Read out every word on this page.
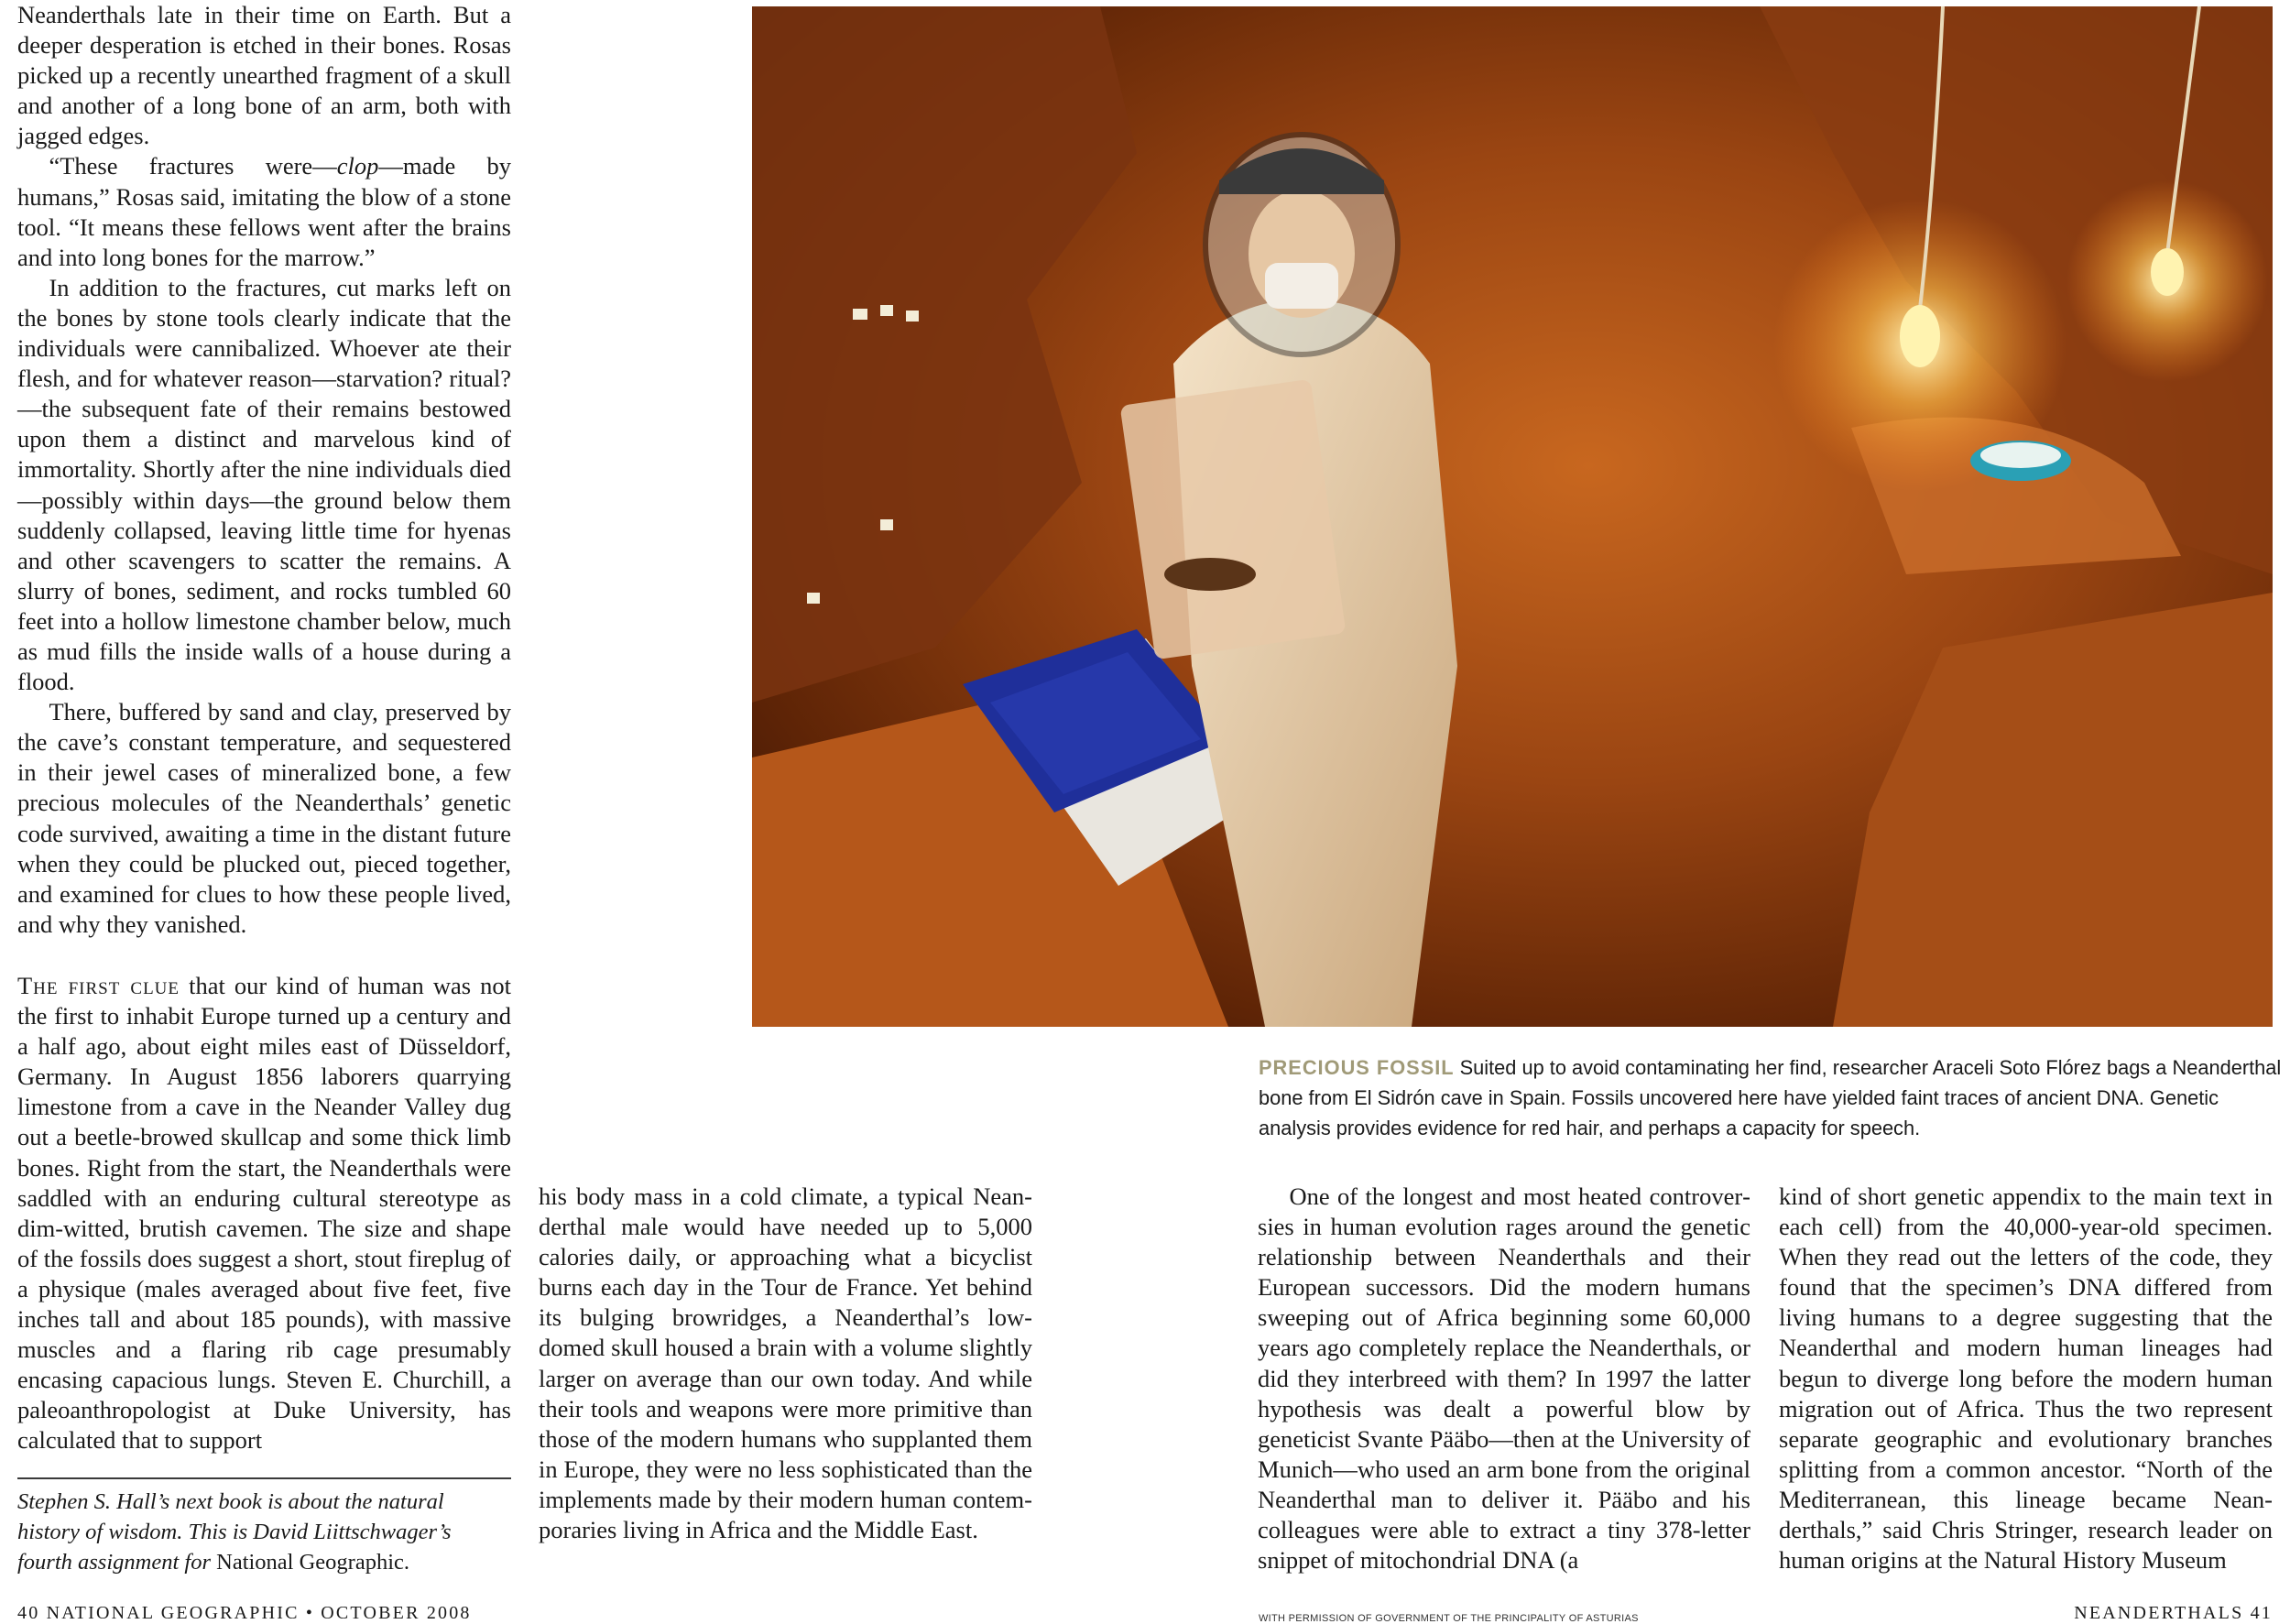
Neanderthals late in their time on Earth. But a deeper desperation is etched in their bones. Rosas picked up a recently unearthed fragment of a skull and another of a long bone of an arm, both with jagged edges.

“These fractures were—clop—made by humans,” Rosas said, imitating the blow of a stone tool. “It means these fellows went after the brains and into long bones for the marrow.”

In addition to the fractures, cut marks left on the bones by stone tools clearly indicate that the individuals were cannibalized. Whoever ate their flesh, and for whatever reason—starvation? ritual?—the subsequent fate of their remains bestowed upon them a distinct and marvelous kind of immortality. Shortly after the nine individuals died—possibly within days—the ground below them suddenly collapsed, leaving little time for hyenas and other scavengers to scatter the remains. A slurry of bones, sediment, and rocks tumbled 60 feet into a hollow limestone chamber below, much as mud fills the inside walls of a house during a flood.

There, buffered by sand and clay, preserved by the cave’s constant temperature, and sequestered in their jewel cases of mineralized bone, a few precious molecules of the Neanderthals’ genetic code survived, awaiting a time in the distant future when they could be plucked out, pieced together, and examined for clues to how these people lived, and why they vanished.

The first clue that our kind of human was not the first to inhabit Europe turned up a century and a half ago, about eight miles east of Düsseldorf, Germany. In August 1856 laborers quarrying limestone from a cave in the Neander Valley dug out a beetle-browed skullcap and some thick limb bones. Right from the start, the Neanderthals were saddled with an enduring cultural stereotype as dim-witted, brutish cavemen. The size and shape of the fossils does suggest a short, stout fireplug of a physique (males averaged about five feet, five inches tall and about 185 pounds), with massive muscles and a flaring rib cage presumably encasing capacious lungs. Steven E. Churchill, a paleoanthropologist at Duke University, has calculated that to support

Stephen S. Hall’s next book is about the natural history of wisdom. This is David Liittschwager’s fourth assignment for National Geographic.

his body mass in a cold climate, a typical Neanderthal male would have needed up to 5,000 calories daily, or approaching what a bicyclist burns each day in the Tour de France. Yet behind its bulging browridges, a Neanderthal’s low-domed skull housed a brain with a volume slightly larger on average than our own today. And while their tools and weapons were more primitive than those of the modern humans who supplanted them in Europe, they were no less sophisticated than the implements made by their modern human contemporaries living in Africa and the Middle East.

One of the longest and most heated controversies in human evolution rages around the genetic relationship between Neanderthals and their European successors. Did the modern humans sweeping out of Africa beginning some 60,000 years ago completely replace the Neanderthals, or did they interbreed with them? In 1997 the latter hypothesis was dealt a powerful blow by geneticist Svante Pääbo—then at the University of Munich—who used an arm bone from the original Neanderthal man to deliver it. Pääbo and his colleagues were able to extract a tiny 378-letter snippet of mitochondrial DNA (a

kind of short genetic appendix to the main text in each cell) from the 40,000-year-old specimen. When they read out the letters of the code, they found that the specimen’s DNA differed from living humans to a degree suggesting that the Neanderthal and modern human lineages had begun to diverge long before the modern human migration out of Africa. Thus the two represent separate geographic and evolutionary branches splitting from a common ancestor. “North of the Mediterranean, this lineage became Neanderthals,” said Chris Stringer, research leader on human origins at the Natural History Museum

PRECIOUS FOSSIL Suited up to avoid contaminating her find, researcher Araceli Soto Flórez bags a Neanderthal bone from El Sidrón cave in Spain. Fossils uncovered here have yielded faint traces of ancient DNA. Genetic analysis provides evidence for red hair, and perhaps a capacity for speech.
40 NATIONAL GEOGRAPHIC • OCTOBER 2008	NEANDERTHALS 41
WITH PERMISSION OF GOVERNMENT OF THE PRINCIPALITY OF ASTURIAS
